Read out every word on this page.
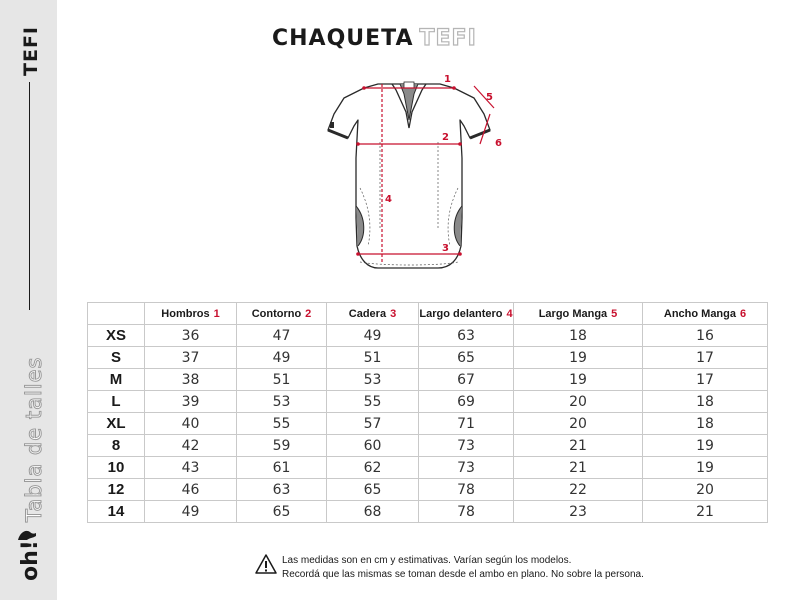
TEFI
Tabla de talles
oh!
CHAQUETA TEFI
1
2
3
4
5
6
	Hombros 1	Contorno 2	Cadera 3	Largo delantero 4	Largo Manga 5	Ancho Manga 6
XS	36	47	49	63	18	16
S	37	49	51	65	19	17
M	38	51	53	67	19	17
L	39	53	55	69	20	18
XL	40	55	57	71	20	18
8	42	59	60	73	21	19
10	43	61	62	73	21	19
12	46	63	65	78	22	20
14	49	65	68	78	23	21
Las medidas son en cm y estimativas. Varían según los modelos.
Recordá que las mismas se toman desde el ambo en plano. No sobre la persona.
